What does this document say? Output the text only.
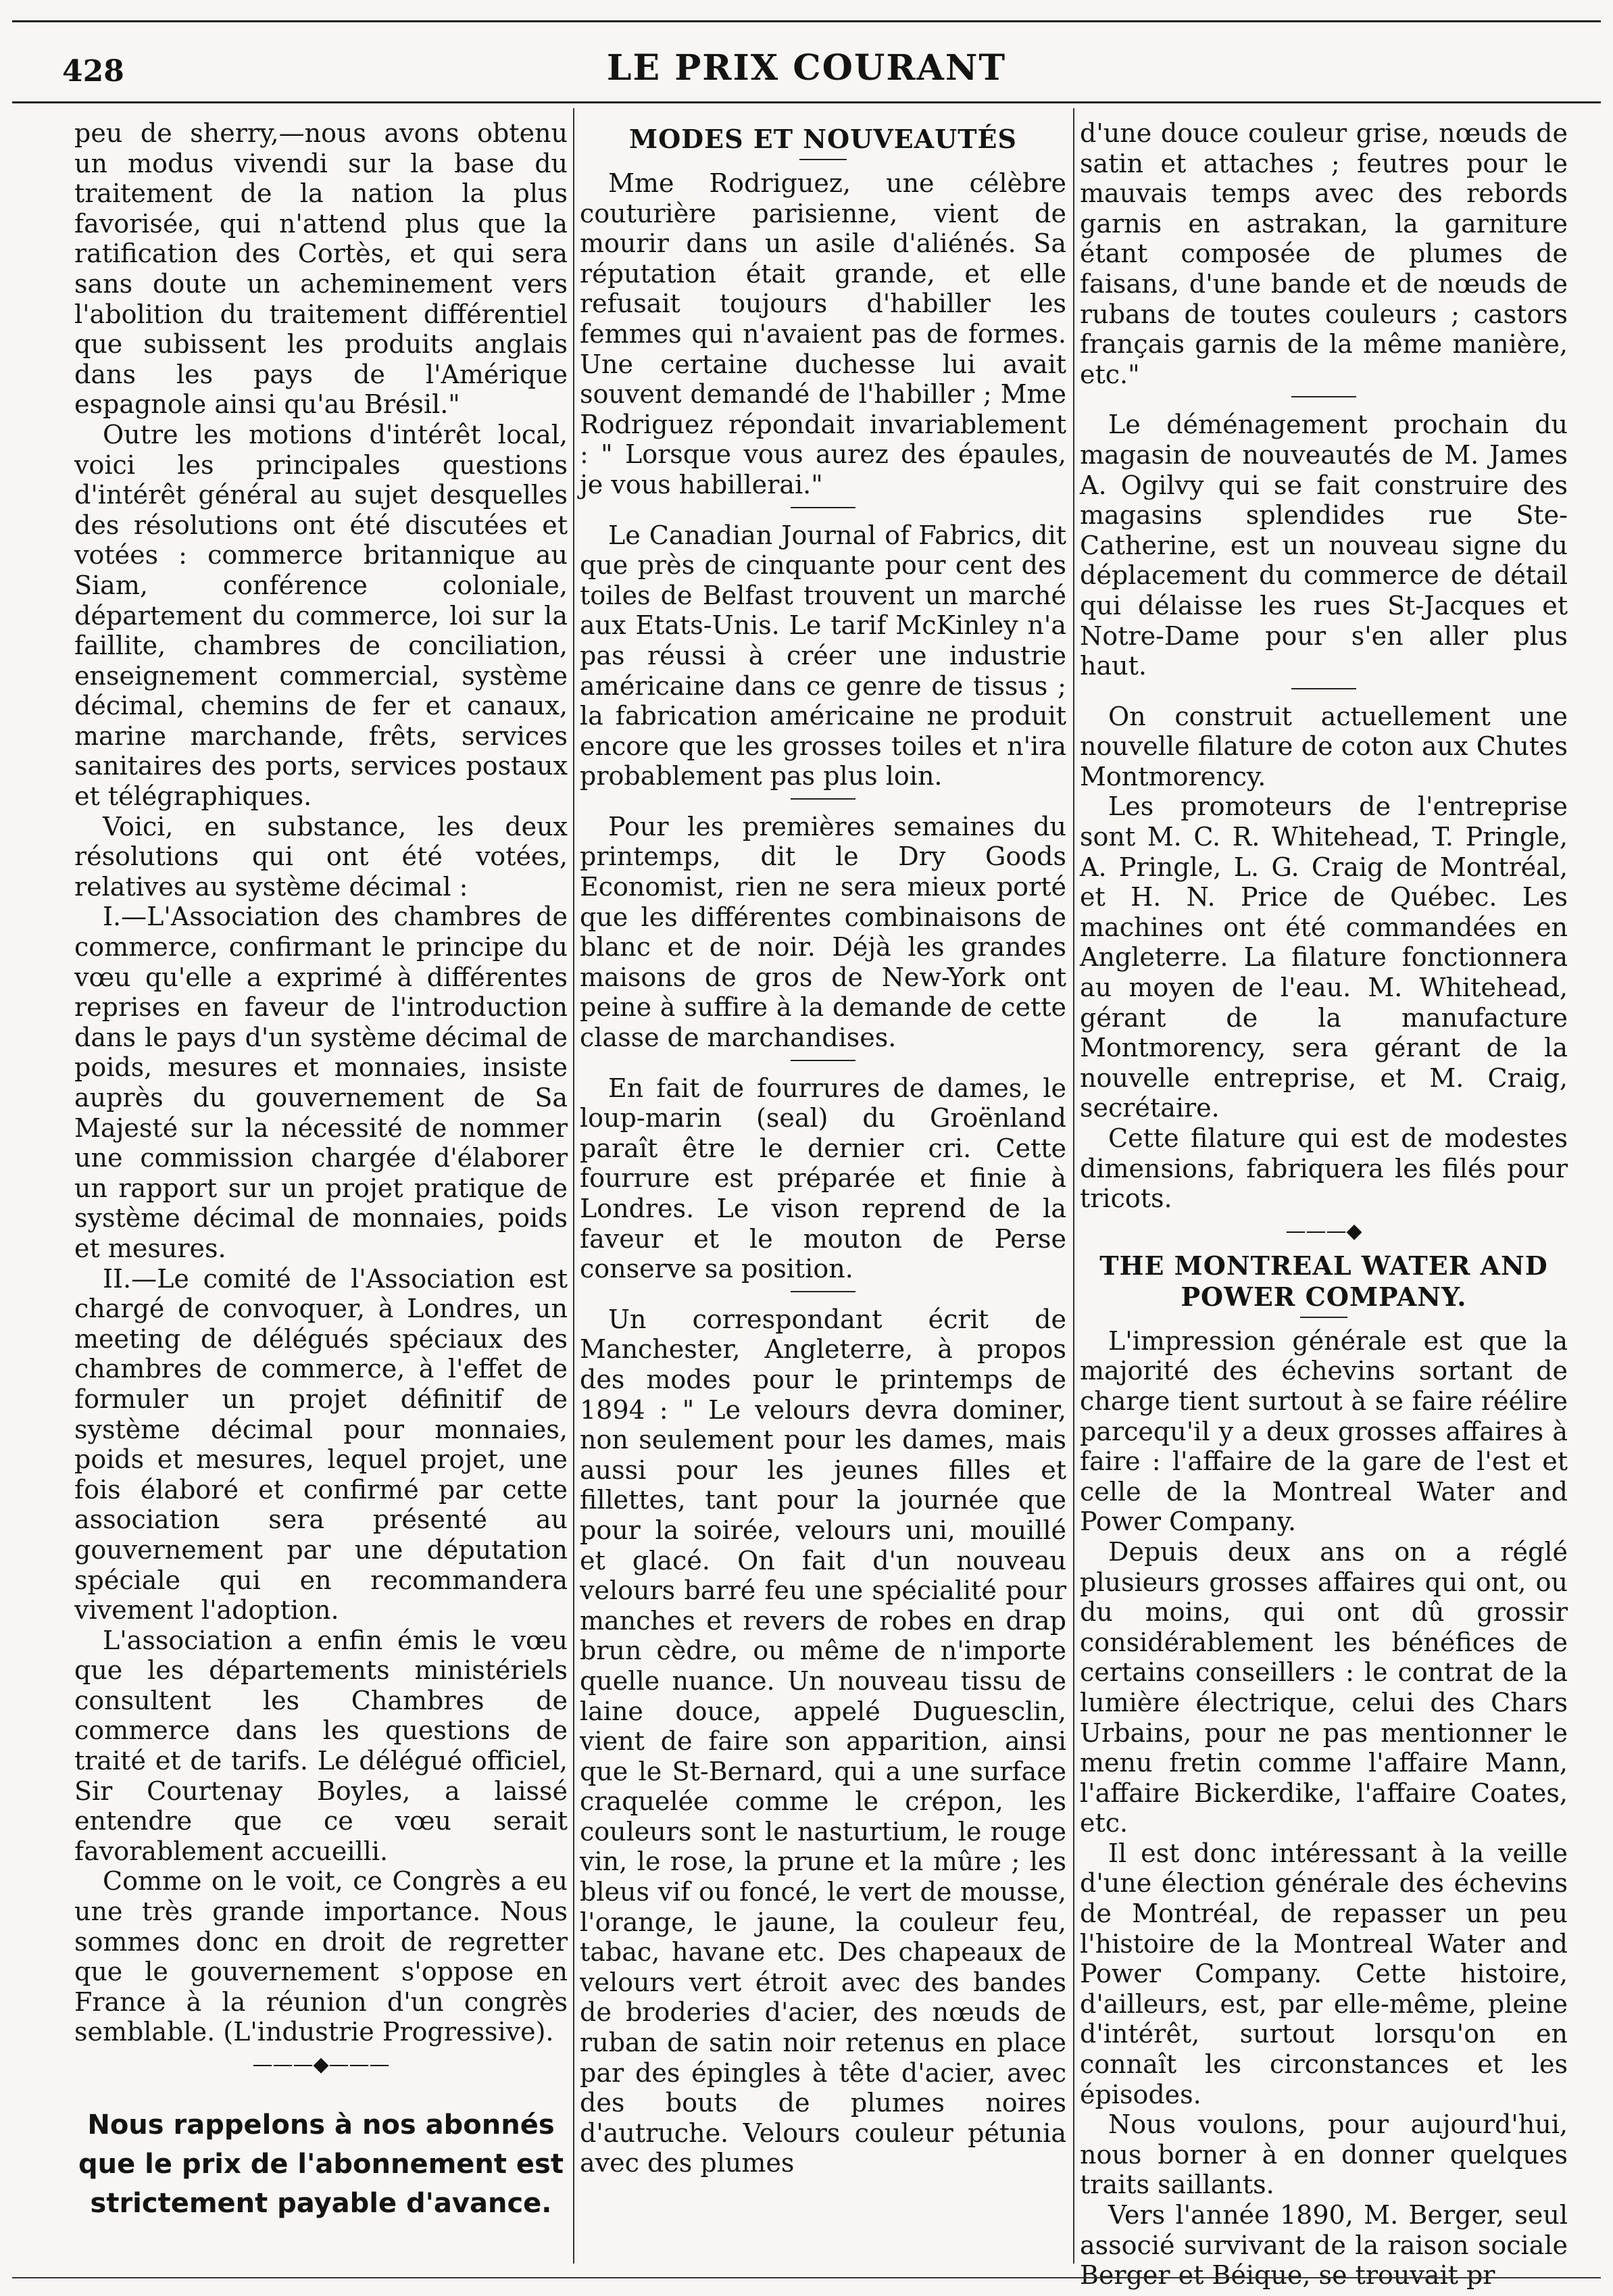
428	LE PRIX COURANT

peu de sherry,—nous avons obtenu un modus vivendi sur la base du traitement de la nation la plus favorisée, qui n'attend plus que la ratification des Cortès, et qui sera sans doute un acheminement vers l'abolition du traitement différentiel que subissent les produits anglais dans les pays de l'Amérique espagnole ainsi qu'au Brésil."

Outre les motions d'intérêt local, voici les principales questions d'intérêt général au sujet desquelles des résolutions ont été discutées et votées : commerce britannique au Siam, conférence coloniale, département du commerce, loi sur la faillite, chambres de conciliation, enseignement commercial, système décimal, chemins de fer et canaux, marine marchande, frêts, services sanitaires des ports, services postaux et télégraphiques.

Voici, en substance, les deux résolutions qui ont été votées, relatives au système décimal :

I.—L'Association des chambres de commerce, confirmant le principe du vœu qu'elle a exprimé à différentes reprises en faveur de l'introduction dans le pays d'un système décimal de poids, mesures et monnaies, insiste auprès du gouvernement de Sa Majesté sur la nécessité de nommer une commission chargée d'élaborer un rapport sur un projet pratique de système décimal de monnaies, poids et mesures.

II.—Le comité de l'Association est chargé de convoquer, à Londres, un meeting de délégués spéciaux des chambres de commerce, à l'effet de formuler un projet définitif de système décimal pour monnaies, poids et mesures, lequel projet, une fois élaboré et confirmé par cette association sera présenté au gouvernement par une députation spéciale qui en recommandera vivement l'adoption.

L'association a enfin émis le vœu que les départements ministériels consultent les Chambres de commerce dans les questions de traité et de tarifs. Le délégué officiel, Sir Courtenay Boyles, a laissé entendre que ce vœu serait favorablement accueilli.

Comme on le voit, ce Congrès a eu une très grande importance. Nous sommes donc en droit de regretter que le gouvernement s'oppose en France à la réunion d'un congrès semblable. (L'industrie Progressive).

———◆———
Nous rappelons à nos abonnés que le prix de l'abonnement est strictement payable d'avance.
MODES ET NOUVEAUTÉS

Mme Rodriguez, une célèbre couturière parisienne, vient de mourir dans un asile d'aliénés. Sa réputation était grande, et elle refusait toujours d'habiller les femmes qui n'avaient pas de formes. Une certaine duchesse lui avait souvent demandé de l'habiller ; Mme Rodriguez répondait invariablement : " Lorsque vous aurez des épaules, je vous habillerai."

Le Canadian Journal of Fabrics, dit que près de cinquante pour cent des toiles de Belfast trouvent un marché aux Etats-Unis. Le tarif McKinley n'a pas réussi à créer une industrie américaine dans ce genre de tissus ; la fabrication américaine ne produit encore que les grosses toiles et n'ira probablement pas plus loin.

Pour les premières semaines du printemps, dit le Dry Goods Economist, rien ne sera mieux porté que les différentes combinaisons de blanc et de noir. Déjà les grandes maisons de gros de New-York ont peine à suffire à la demande de cette classe de marchandises.

En fait de fourrures de dames, le loup-marin (seal) du Groënland paraît être le dernier cri. Cette fourrure est préparée et finie à Londres. Le vison reprend de la faveur et le mouton de Perse conserve sa position.

Un correspondant écrit de Manchester, Angleterre, à propos des modes pour le printemps de 1894 : " Le velours devra dominer, non seulement pour les dames, mais aussi pour les jeunes filles et fillettes, tant pour la journée que pour la soirée, velours uni, mouillé et glacé. On fait d'un nouveau velours barré feu une spécialité pour manches et revers de robes en drap brun cèdre, ou même de n'importe quelle nuance. Un nouveau tissu de laine douce, appelé Duguesclin, vient de faire son apparition, ainsi que le St-Bernard, qui a une surface craquelée comme le crépon, les couleurs sont le nasturtium, le rouge vin, le rose, la prune et la mûre ; les bleus vif ou foncé, le vert de mousse, l'orange, le jaune, la couleur feu, tabac, havane etc. Des chapeaux de velours vert étroit avec des bandes de broderies d'acier, des nœuds de ruban de satin noir retenus en place par des épingles à tête d'acier, avec des bouts de plumes noires d'autruche. Velours couleur pétunia avec des plumes

d'une douce couleur grise, nœuds de satin et attaches ; feutres pour le mauvais temps avec des rebords garnis en astrakan, la garniture étant composée de plumes de faisans, d'une bande et de nœuds de rubans de toutes couleurs ; castors français garnis de la même manière, etc."

Le déménagement prochain du magasin de nouveautés de M. James A. Ogilvy qui se fait construire des magasins splendides rue Ste-Catherine, est un nouveau signe du déplacement du commerce de détail qui délaisse les rues St-Jacques et Notre-Dame pour s'en aller plus haut.

On construit actuellement une nouvelle filature de coton aux Chutes Montmorency.

Les promoteurs de l'entreprise sont M. C. R. Whitehead, T. Pringle, A. Pringle, L. G. Craig de Montréal, et H. N. Price de Québec. Les machines ont été commandées en Angleterre. La filature fonctionnera au moyen de l'eau. M. Whitehead, gérant de la manufacture Montmorency, sera gérant de la nouvelle entreprise, et M. Craig, secrétaire.

Cette filature qui est de modestes dimensions, fabriquera les filés pour tricots.

———◆
THE MONTREAL WATER AND POWER COMPANY.

L'impression générale est que la majorité des échevins sortant de charge tient surtout à se faire réélire parcequ'il y a deux grosses affaires à faire : l'affaire de la gare de l'est et celle de la Montreal Water and Power Company.

Depuis deux ans on a réglé plusieurs grosses affaires qui ont, ou du moins, qui ont dû grossir considérablement les bénéfices de certains conseillers : le contrat de la lumière électrique, celui des Chars Urbains, pour ne pas mentionner le menu fretin comme l'affaire Mann, l'affaire Bickerdike, l'affaire Coates, etc.

Il est donc intéressant à la veille d'une élection générale des échevins de Montréal, de repasser un peu l'histoire de la Montreal Water and Power Company. Cette histoire, d'ailleurs, est, par elle-même, pleine d'intérêt, surtout lorsqu'on en connaît les circonstances et les épisodes.

Nous voulons, pour aujourd'hui, nous borner à en donner quelques traits saillants.

Vers l'année 1890, M. Berger, seul associé survivant de la raison sociale Berger et Béique, se trouvait pr
